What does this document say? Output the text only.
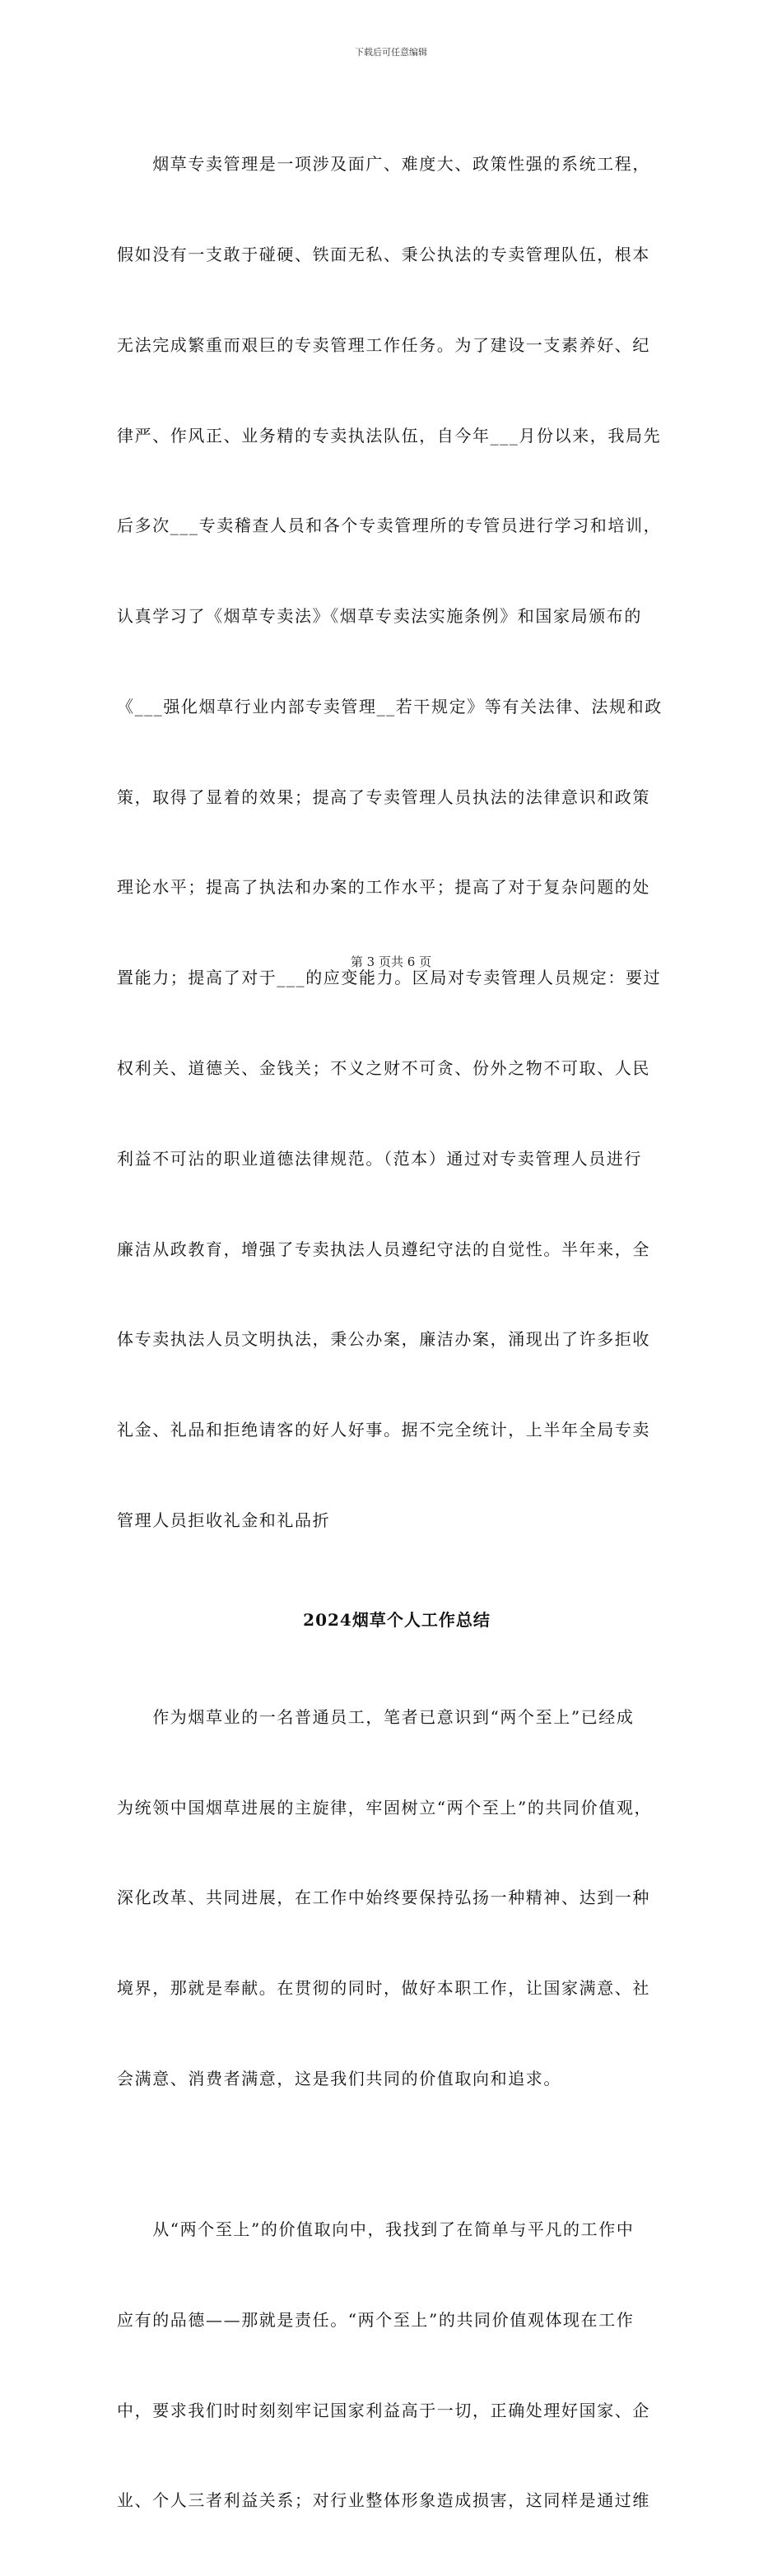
下载后可任意编辑

　　烟草专卖管理是一项涉及面广、难度大、政策性强的系统工程，

假如没有一支敢于碰硬、铁面无私、秉公执法的专卖管理队伍，根本

无法完成繁重而艰巨的专卖管理工作任务。为了建设一支素养好、纪

律严、作风正、业务精的专卖执法队伍，自今年___月份以来，我局先

后多次___专卖稽查人员和各个专卖管理所的专管员进行学习和培训，

认真学习了《烟草专卖法》《烟草专卖法实施条例》和国家局颁布的

《___强化烟草行业内部专卖管理__若干规定》等有关法律、法规和政

策，取得了显着的效果；提高了专卖管理人员执法的法律意识和政策

理论水平；提高了执法和办案的工作水平；提高了对于复杂问题的处

置能力；提高了对于___的应变能力。区局对专卖管理人员规定：要过

权利关、道德关、金钱关；不义之财不可贪、份外之物不可取、人民

利益不可沾的职业道德法律规范。（范本）通过对专卖管理人员进行

廉洁从政教育，增强了专卖执法人员遵纪守法的自觉性。半年来，全

体专卖执法人员文明执法，秉公办案，廉洁办案，涌现出了许多拒收

礼金、礼品和拒绝请客的好人好事。据不完全统计，上半年全局专卖

管理人员拒收礼金和礼品折

2024烟草个人工作总结

　　作为烟草业的一名普通员工，笔者已意识到“两个至上”已经成

为统领中国烟草进展的主旋律，牢固树立“两个至上”的共同价值观，

深化改革、共同进展，在工作中始终要保持弘扬一种精神、达到一种

境界，那就是奉献。在贯彻的同时，做好本职工作，让国家满意、社

会满意、消费者满意，这是我们共同的价值取向和追求。

　　从“两个至上”的价值取向中，我找到了在简单与平凡的工作中

应有的品德——那就是责任。“两个至上”的共同价值观体现在工作

中，要求我们时时刻刻牢记国家利益高于一切，正确处理好国家、企

业、个人三者利益关系；对行业整体形象造成损害，这同样是通过维

第 3 页共 6 页
